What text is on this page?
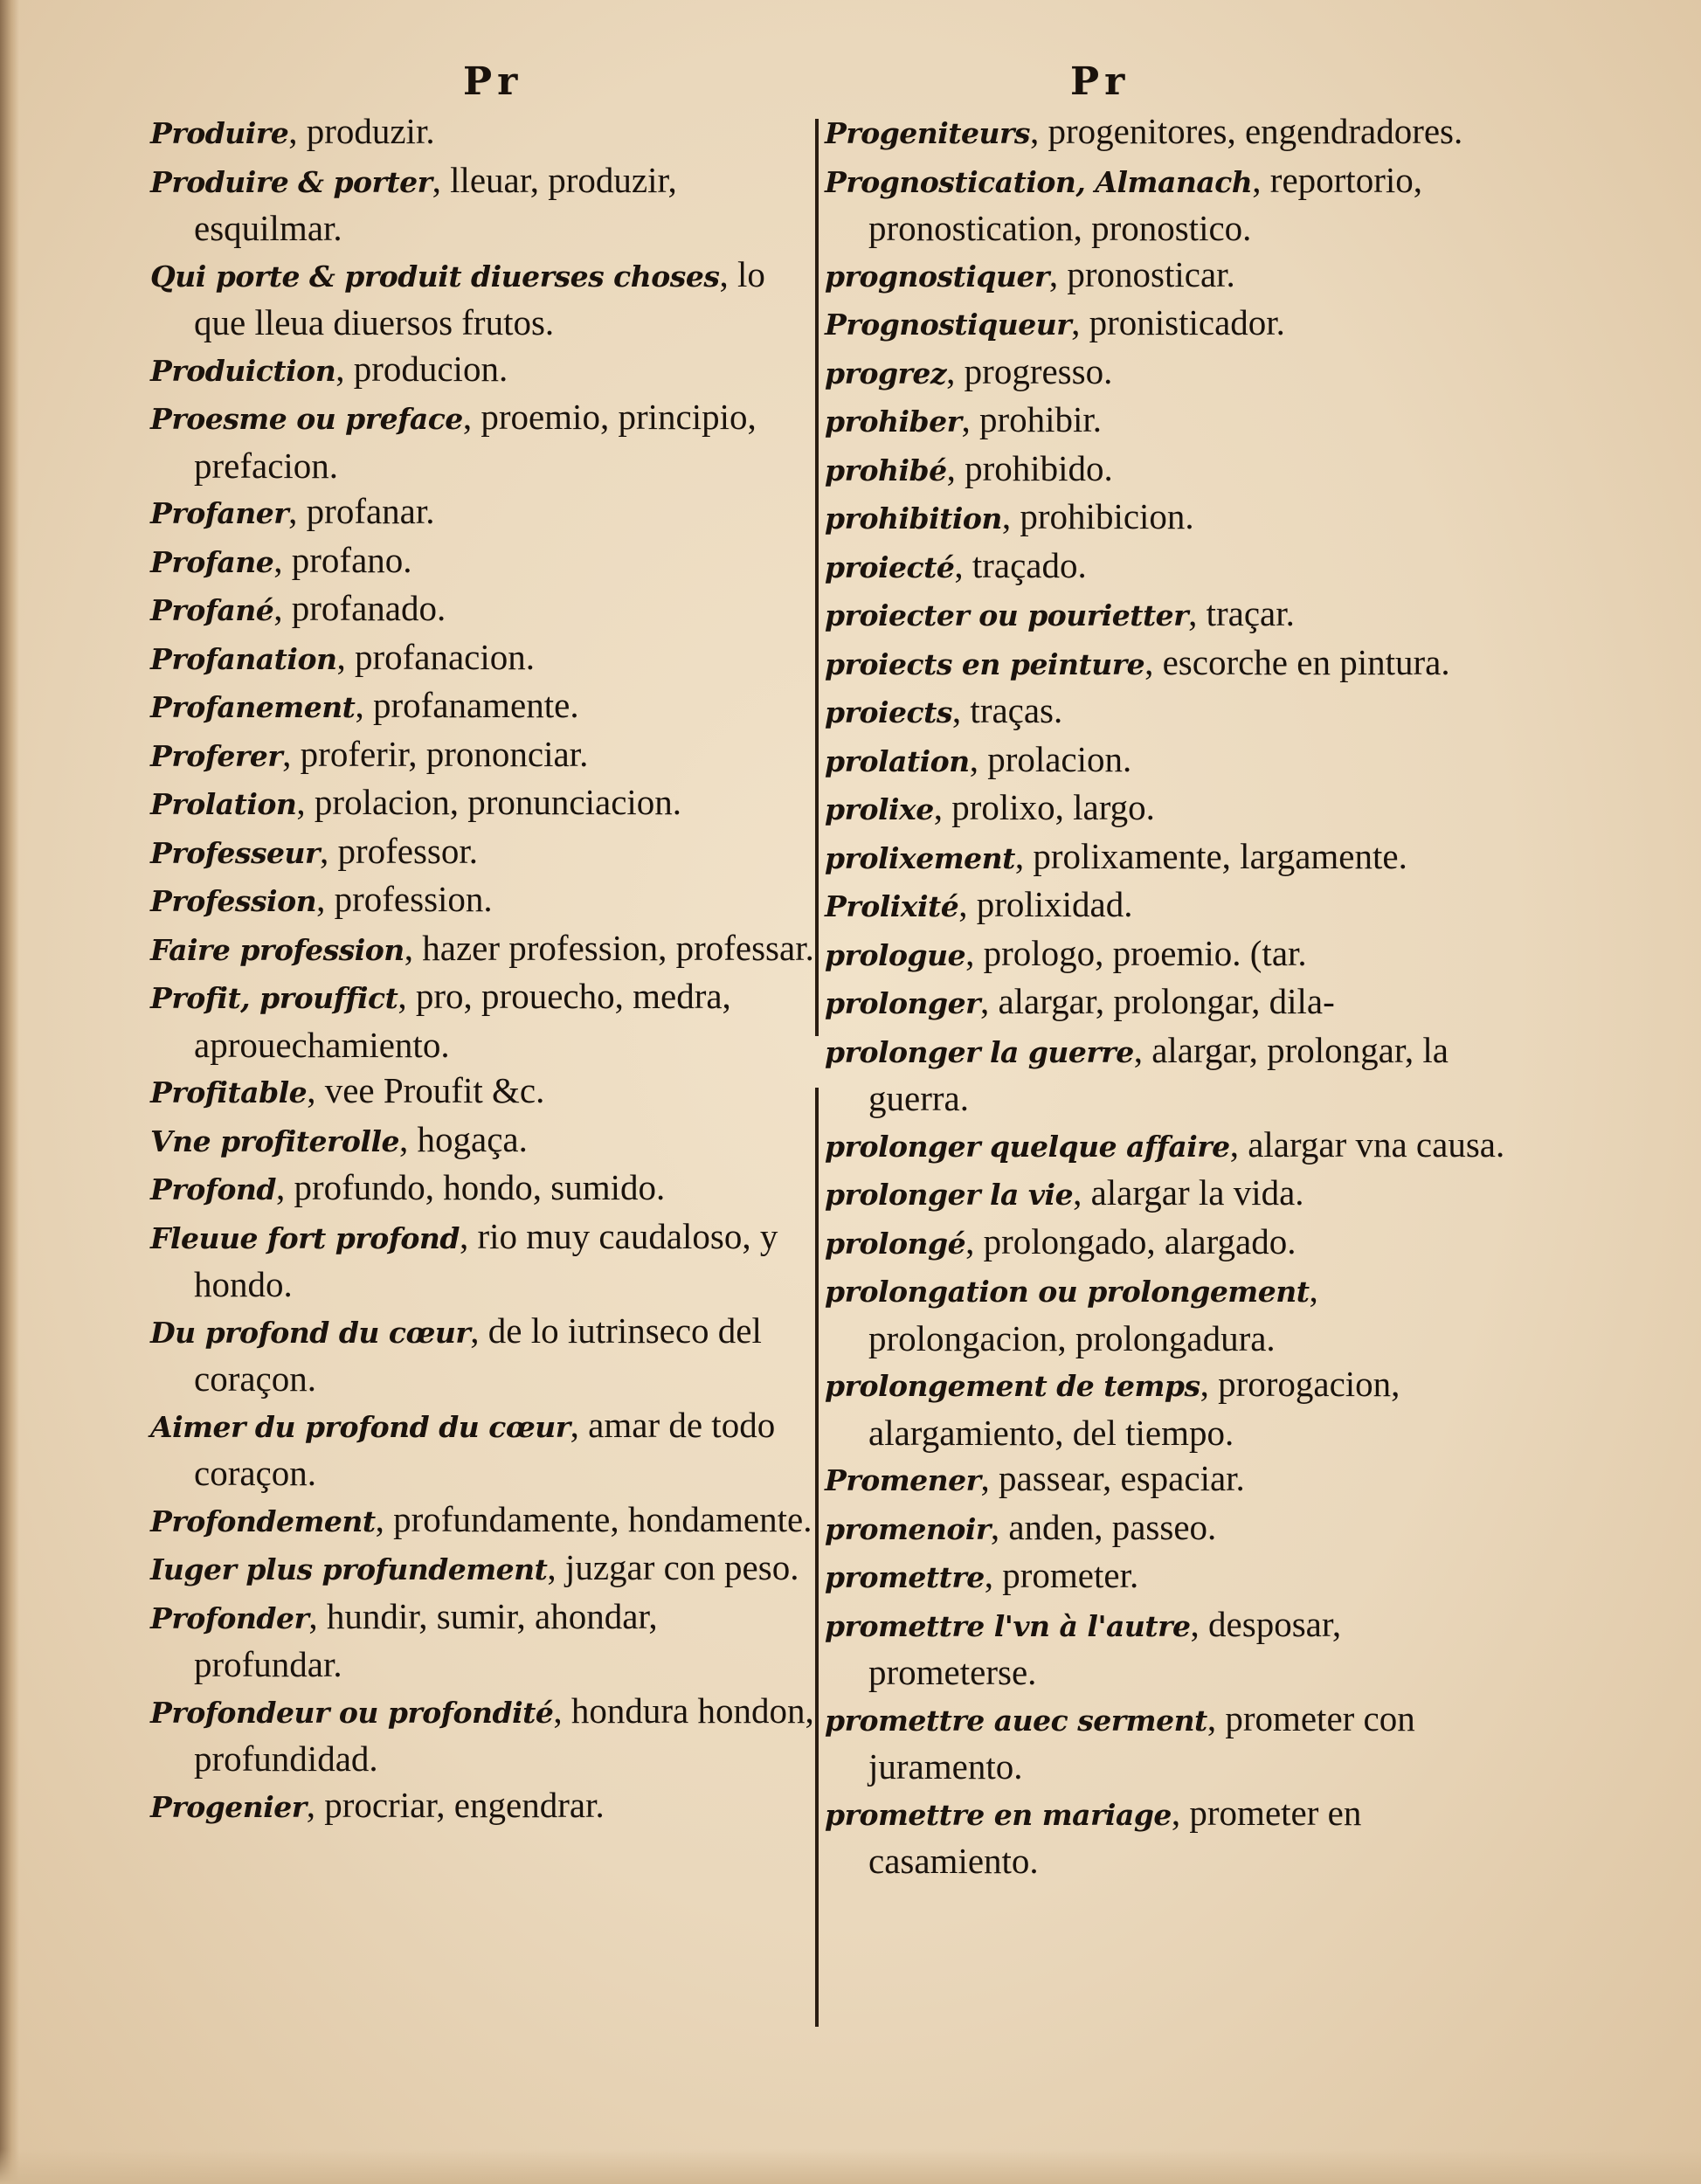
Pr	Pr
Produire, produzir.
Produire & porter, lleuar, produzir, esquilmar.
Qui porte & produit diuerses choses, lo que lleua diuersos frutos.
Produiction, producion.
Proesme ou preface, proemio, principio, prefacion.
Profaner, profanar.
Profane, profano.
Profané, profanado.
Profanation, profanacion.
Profanement, profanamente.
Proferer, proferir, prononciar.
Prolation, prolacion, pronunciacion.
Professeur, professor.
Profession, profession.
Faire profession, hazer profession, professar.
Profit, prouffict, pro, prouecho, medra, aprouechamiento.
Profitable, vee Proufit &c.
Vne profiterolle, hogaça.
Profond, profundo, hondo, sumido.
Fleuue fort profond, rio muy caudaloso, y hondo.
Du profond du cœur, de lo iutrinseco del coraçon.
Aimer du profond du cœur, amar de todo coraçon.
Profondement, profundamente, hondamente.
Iuger plus profundement, juzgar con peso.
Profonder, hundir, sumir, ahondar, profundar.
Profondeur ou profondité, hondura hondon, profundidad.
Progenier, procriar, engendrar.
Progeniteurs, progenitores, engendradores.
Prognostication, Almanach, reportorio, pronostication, pronostico.
prognostiquer, pronosticar.
Prognostiqueur, pronisticador.
progrez, progresso.
prohiber, prohibir.
prohibé, prohibido.
prohibition, prohibicion.
proiecté, traçado.
proiecter ou pourietter, traçar.
proiects en peinture, escorche en pintura.
proiects, traças.
prolation, prolacion.
prolixe, prolixo, largo.
prolixement, prolixamente, largamente.
Prolixité, prolixidad.
prologue, prologo, proemio. (tar.
prolonger, alargar, prolongar, dila-
prolonger la guerre, alargar, prolongar, la guerra.
prolonger quelque affaire, alargar vna causa.
prolonger la vie, alargar la vida.
prolongé, prolongado, alargado.
prolongation ou prolongement, prolongacion, prolongadura.
prolongement de temps, prorogacion, alargamiento, del tiempo.
Promener, passear, espaciar.
promenoir, anden, passeo.
promettre, prometer.
promettre l'vn à l'autre, desposar, prometerse.
promettre auec serment, prometer con juramento.
promettre en mariage, prometer en casamiento.
